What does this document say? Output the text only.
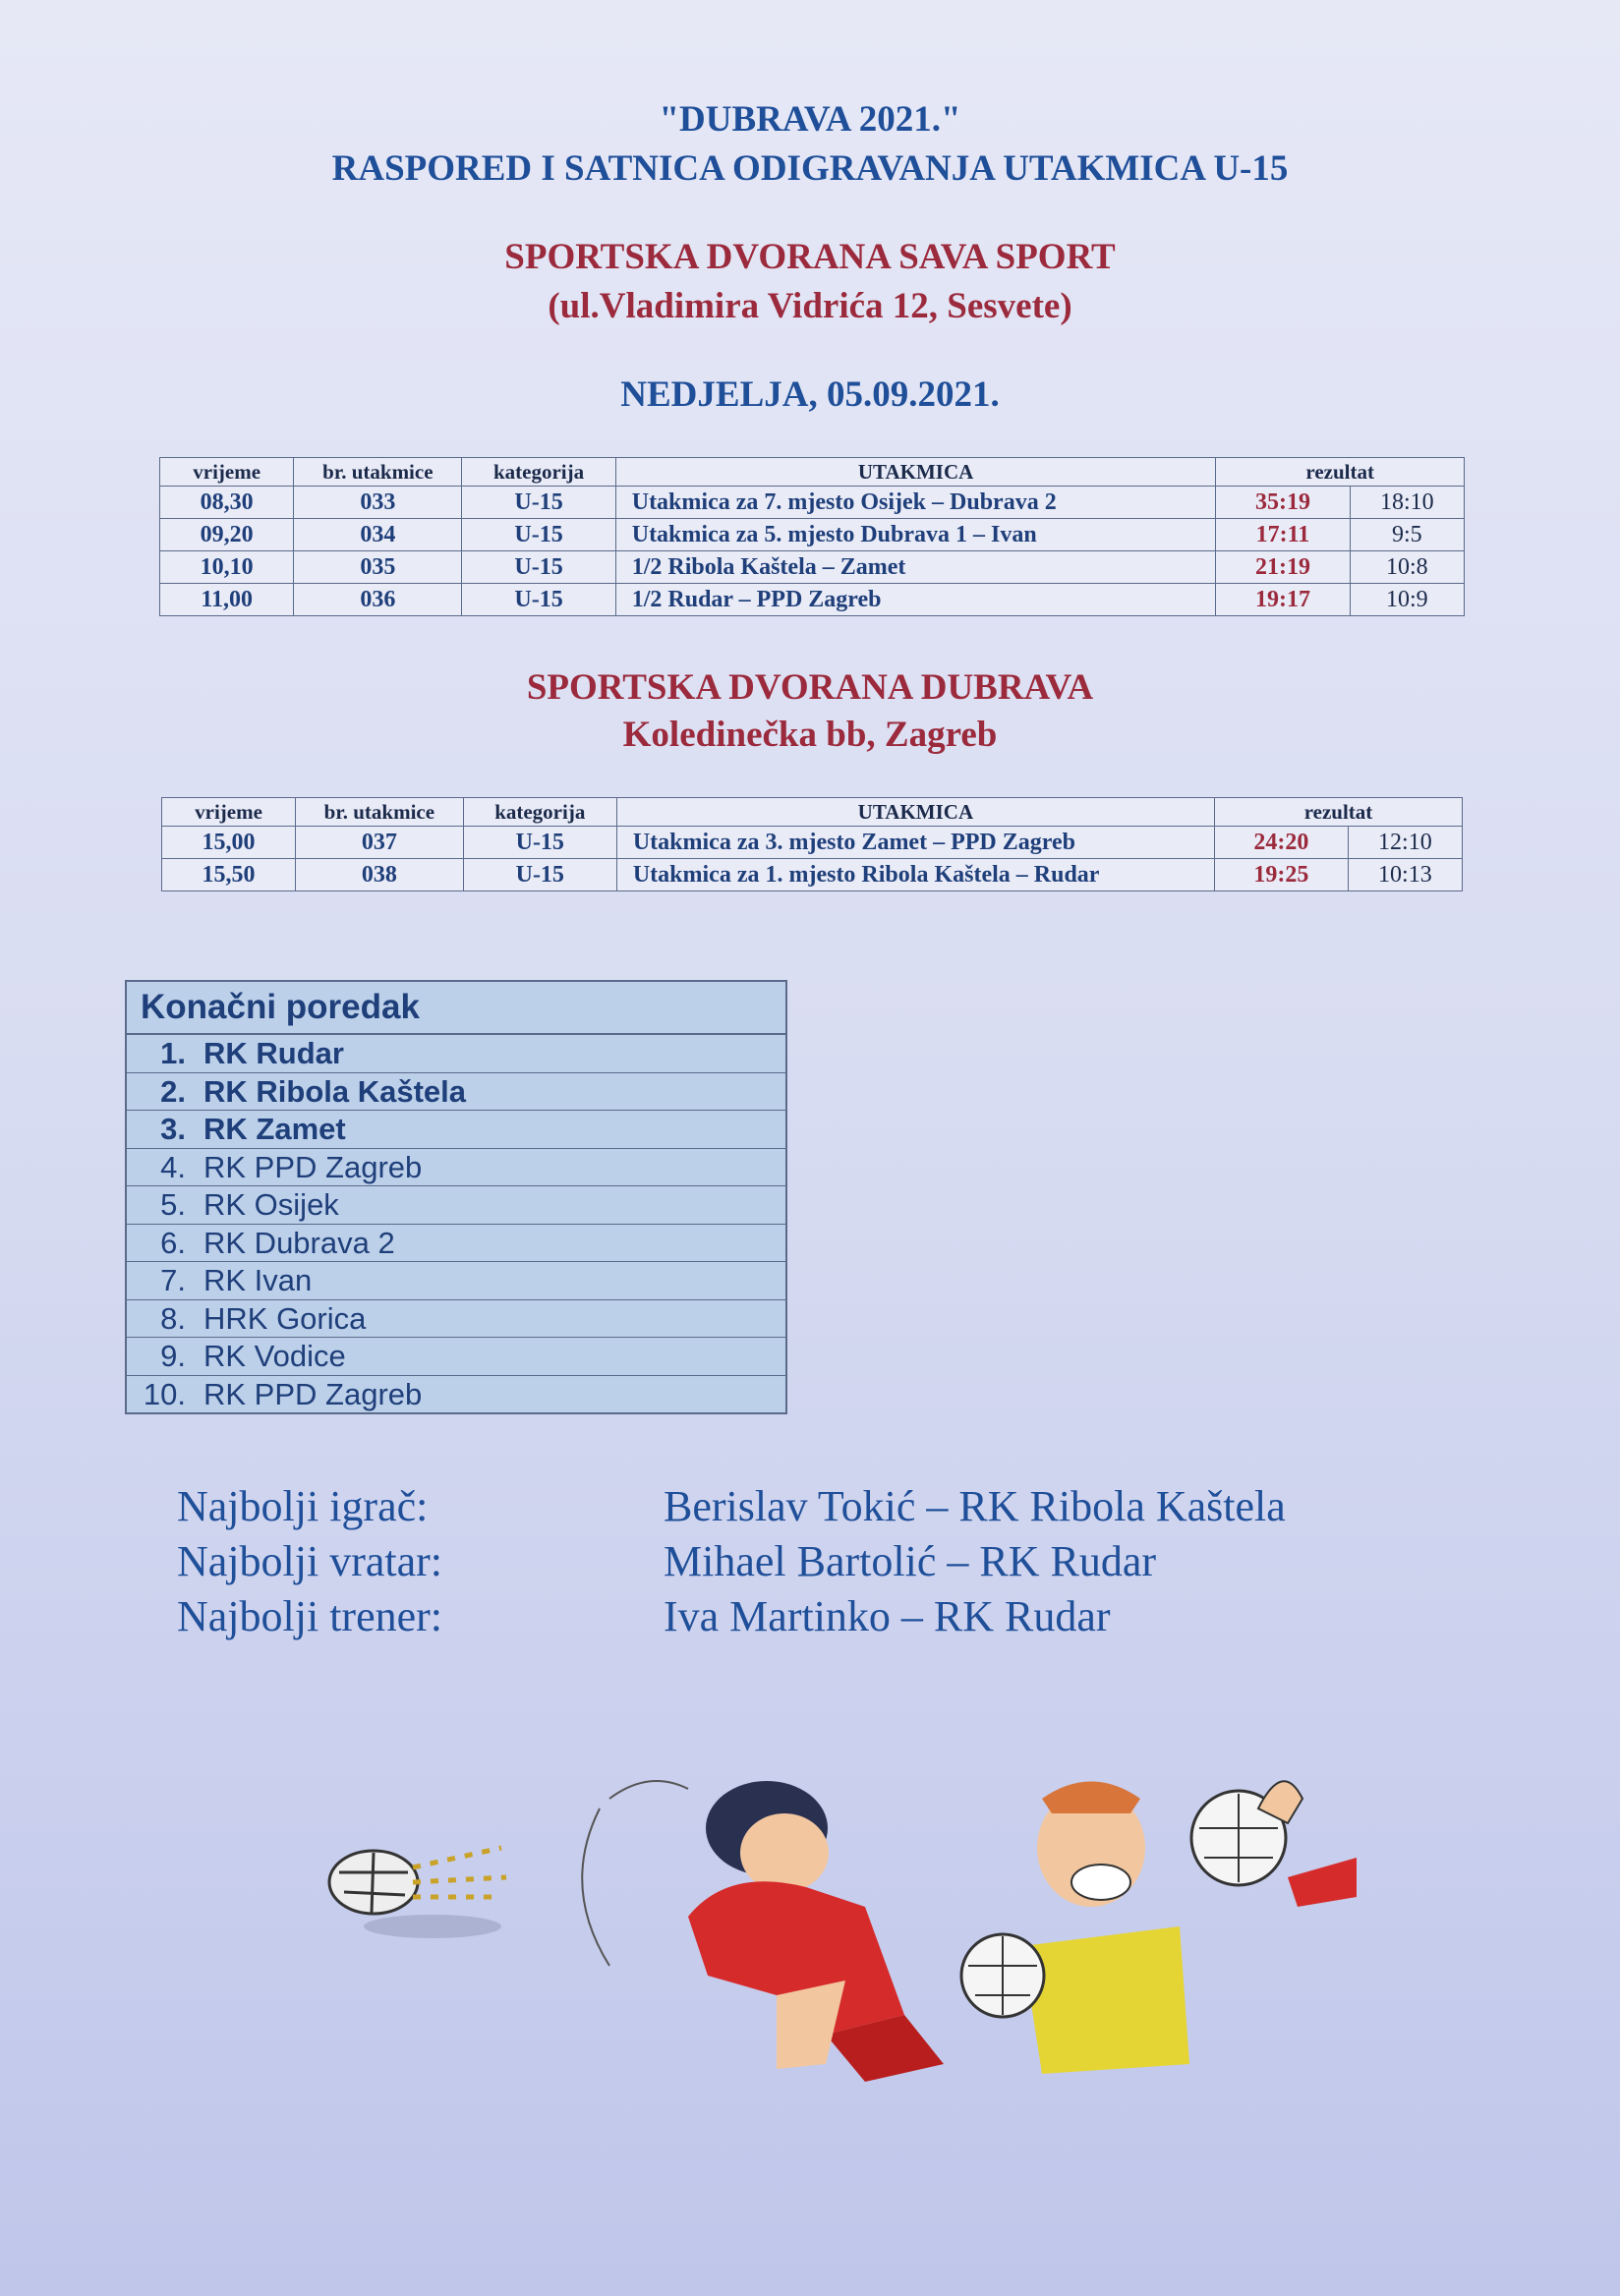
"DUBRAVA 2021."
RASPORED I SATNICA ODIGRAVANJA UTAKMICA U-15
SPORTSKA DVORANA SAVA SPORT
(ul.Vladimira Vidrića 12, Sesvete)
NEDJELJA, 05.09.2021.
vrijeme	br. utakmice	kategorija	UTAKMICA	rezultat	
08,30	033	U-15	Utakmica za 7. mjesto Osijek – Dubrava 2	35:19	18:10
09,20	034	U-15	Utakmica za 5. mjesto Dubrava 1 – Ivan	17:11	9:5
10,10	035	U-15	1/2 Ribola Kaštela – Zamet	21:19	10:8
11,00	036	U-15	1/2 Rudar – PPD Zagreb	19:17	10:9
SPORTSKA DVORANA DUBRAVA
Koledinečka bb, Zagreb
vrijeme	br. utakmice	kategorija	UTAKMICA	rezultat	
15,00	037	U-15	Utakmica za 3. mjesto Zamet – PPD Zagreb	24:20	12:10
15,50	038	U-15	Utakmica za 1. mjesto Ribola Kaštela – Rudar	19:25	10:13
Konačni poredak
1. RK Rudar
2. RK Ribola Kaštela
3. RK Zamet
4. RK PPD Zagreb
5. RK Osijek
6. RK Dubrava 2
7. RK Ivan
8. HRK Gorica
9. RK Vodice
10. RK PPD Zagreb
Najbolji igrač:	Berislav Tokić – RK Ribola Kaštela
Najbolji vratar:	Mihael Bartolić – RK Rudar
Najbolji trener:	Iva Martinko – RK Rudar
